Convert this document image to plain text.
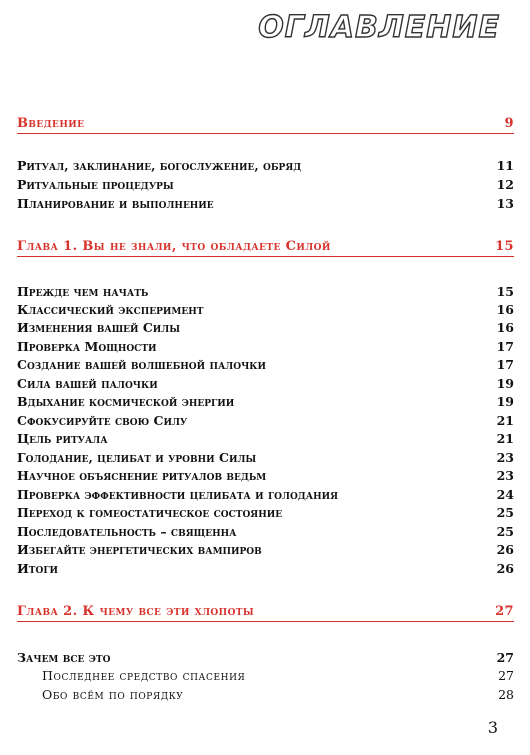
ОГЛАВЛЕНИЕ
Введение	9
Ритуал, заклинание, богослужение, обряд	11
Ритуальные процедуры	12
Планирование и выполнение	13
Глава 1. Вы не знали, что обладаете Силой	15
Прежде чем начать	15
Классический эксперимент	16
Изменения вашей Силы	16
Проверка Мощности	17
Создание вашей волшебной палочки	17
Сила вашей палочки	19
Вдыхание космической энергии	19
Сфокусируйте свою Силу	21
Цель ритуала	21
Голодание, целибат и уровни Силы	23
Научное объяснение ритуалов ведьм	23
Проверка эффективности целибата и голодания	24
Переход к гомеостатическое состояние	25
Последовательность – священна	25
Избегайте энергетических вампиров	26
Итоги	26
Глава 2. К чему все эти хлопоты	27
Зачем все это	27
Последнее средство спасения	27
Обо всём по порядку	28
3
